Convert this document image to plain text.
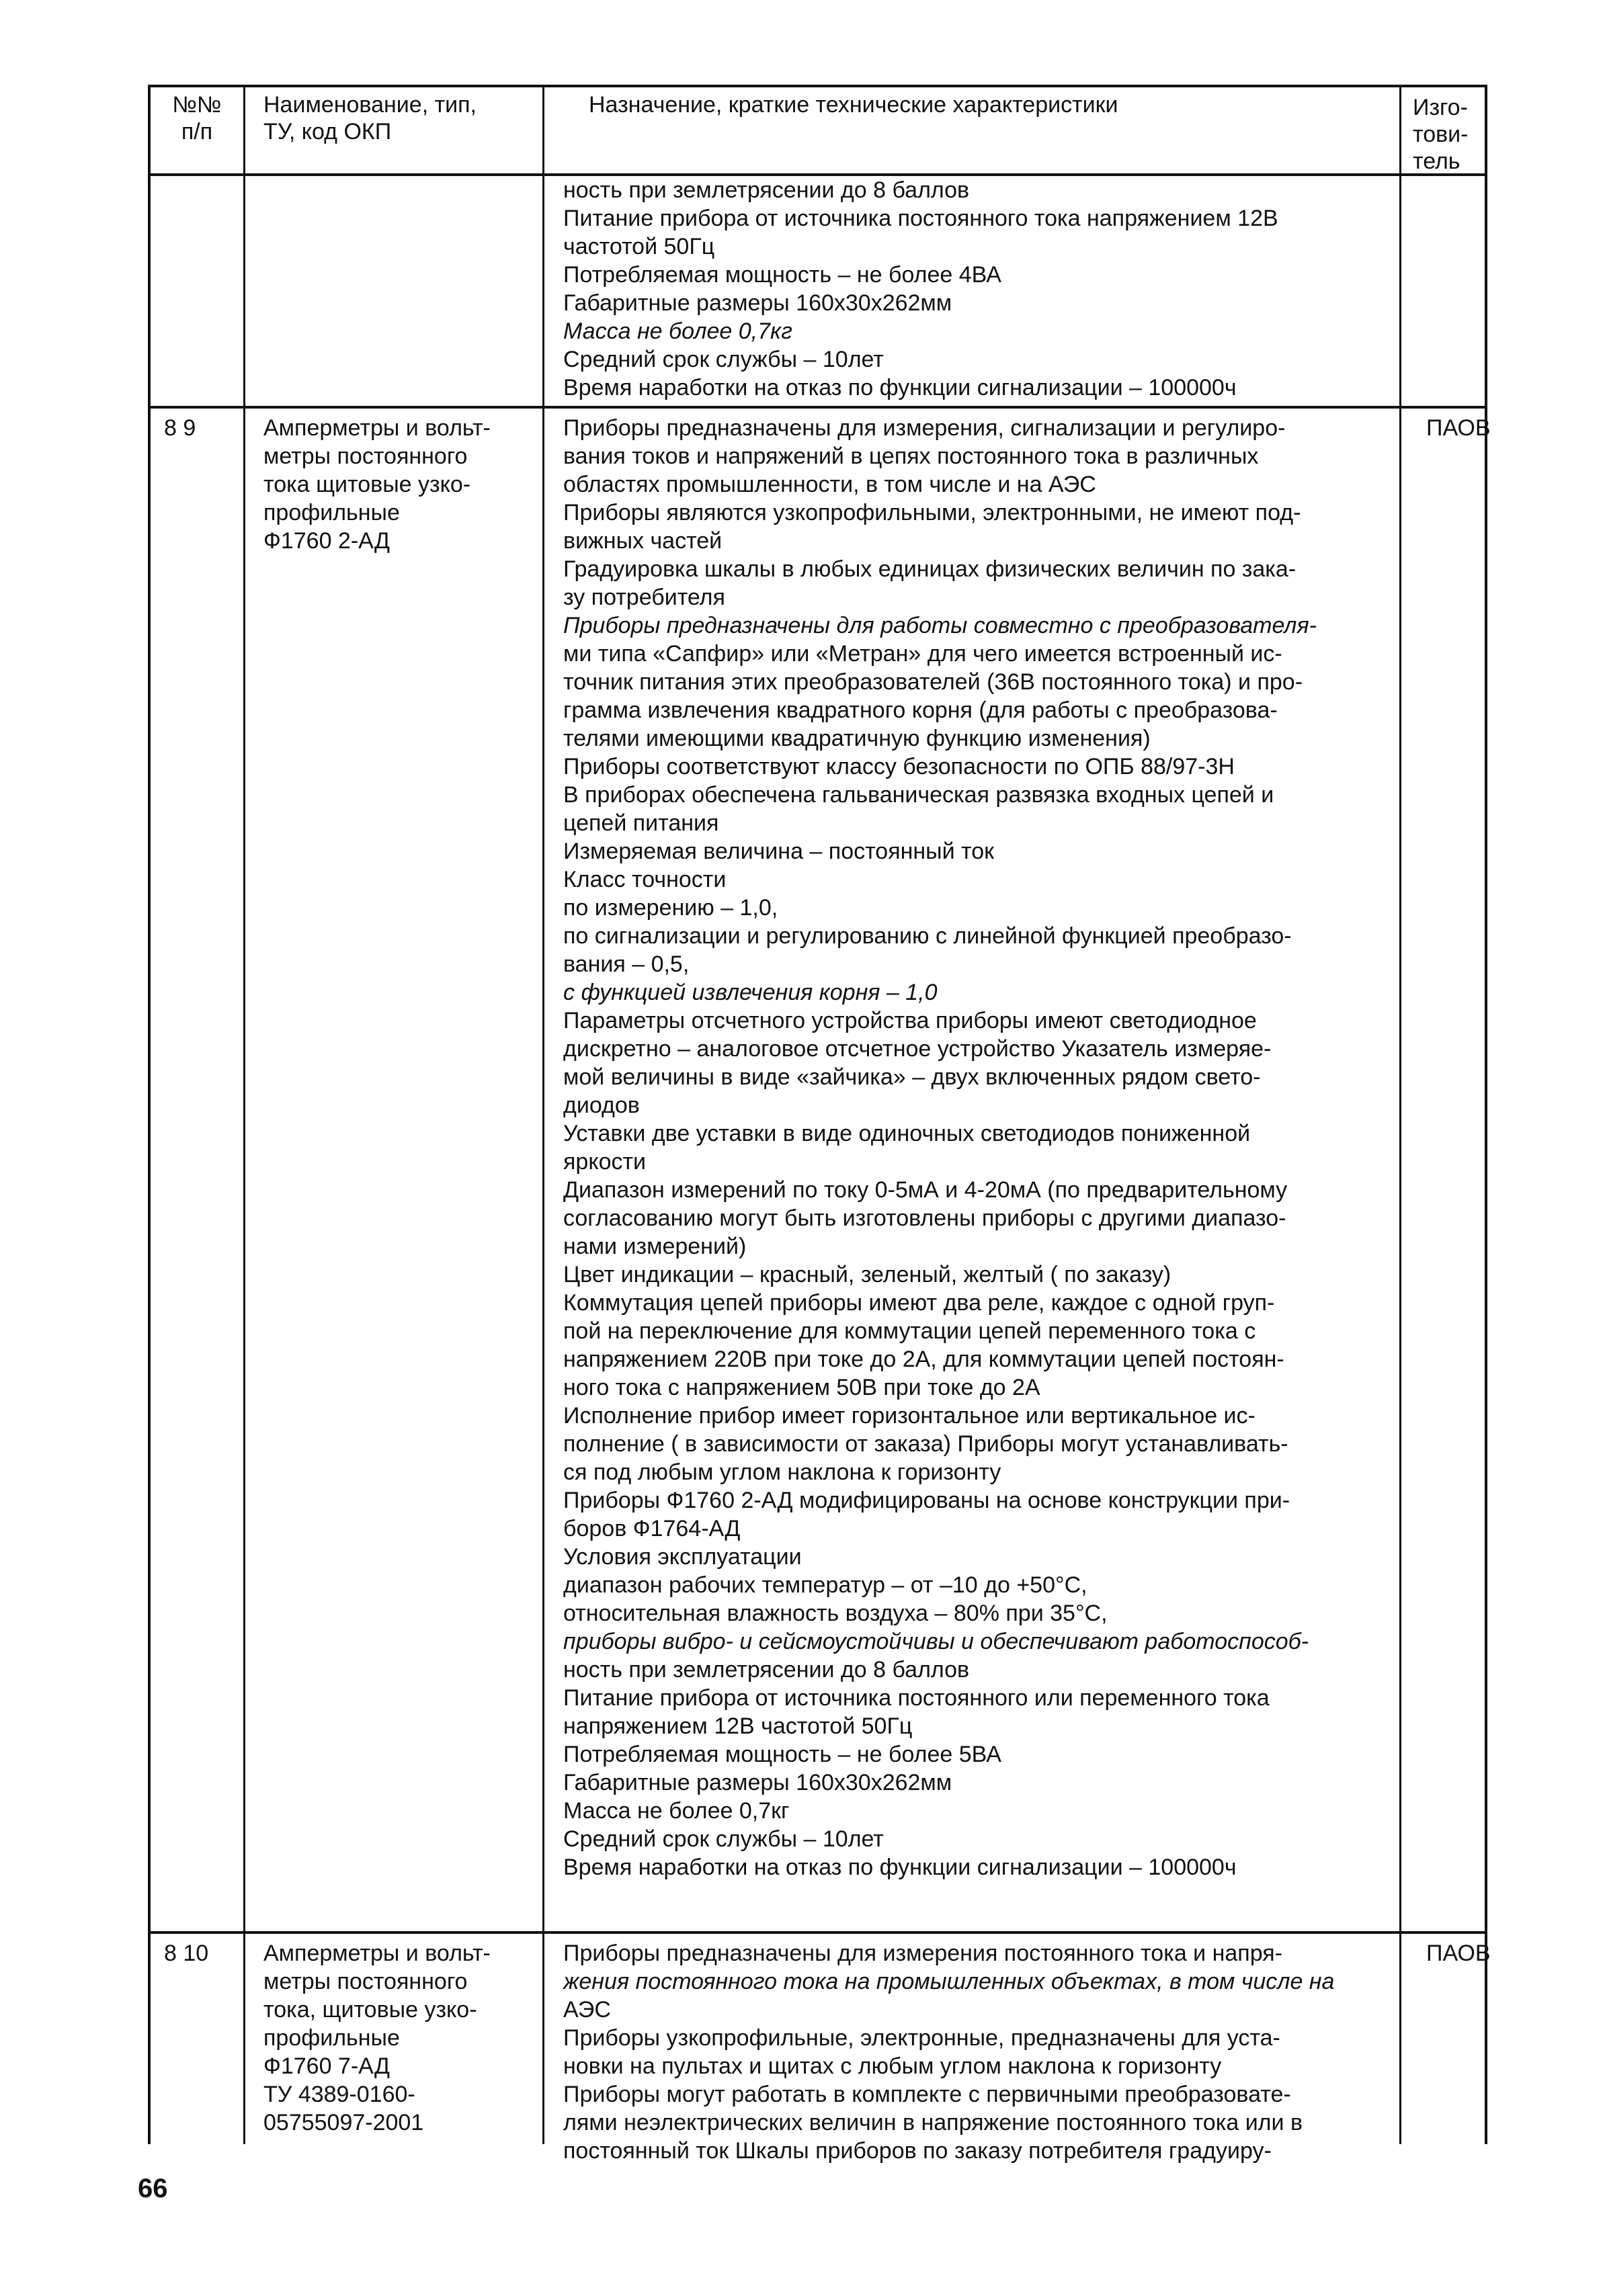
№№

п/п

Наименование, тип,

ТУ, код ОКП

Назначение, краткие технические характеристики	Изго-

тови-

тель

ность при землетрясении до 8 баллов

Питание прибора от источника постоянного тока напряжением 12В

частотой 50Гц

Потребляемая мощность – не более 4ВА

Габаритные размеры 160х30х262мм

Масса не более 0,7кг

Средний срок службы – 10лет

Время наработки на отказ по функции сигнализации – 100000ч

8 9	Амперметры и вольт-

метры постоянного

тока щитовые узко-

профильные

Ф1760 2-АД

Приборы предназначены для измерения, сигнализации и регулиро-

вания токов и напряжений в цепях постоянного тока в различных

областях промышленности, в том числе и на АЭС

Приборы являются узкопрофильными, электронными, не имеют под-

вижных частей

Градуировка шкалы в любых единицах физических величин по зака-

зу потребителя

Приборы предназначены для работы совместно с преобразователя-

ми типа «Сапфир» или «Метран» для чего имеется встроенный ис-

точник питания этих преобразователей (36В постоянного тока) и про-

грамма извлечения квадратного корня (для работы с преобразова-

телями имеющими квадратичную функцию изменения)

Приборы соответствуют классу безопасности по ОПБ 88/97-3Н

В приборах обеспечена гальваническая развязка входных цепей и

цепей питания

Измеряемая величина – постоянный ток

Класс точности

по измерению – 1,0,

по сигнализации и регулированию с линейной функцией преобразо-

вания – 0,5,

с функцией извлечения корня – 1,0

Параметры отсчетного устройства приборы имеют светодиодное

дискретно – аналоговое отсчетное устройство Указатель измеряе-

мой величины в виде «зайчика» – двух включенных рядом свето-

диодов

Уставки две уставки в виде одиночных светодиодов пониженной

яркости

Диапазон измерений по току 0-5мА и 4-20мА (по предварительному

согласованию могут быть изготовлены приборы с другими диапазо-

нами измерений)

Цвет индикации – красный, зеленый, желтый ( по заказу)

Коммутация цепей приборы имеют два реле, каждое с одной груп-

пой на переключение для коммутации цепей переменного тока с

напряжением 220В при токе до 2А, для коммутации цепей постоян-

ного тока с напряжением 50В при токе до 2А

Исполнение прибор имеет горизонтальное или вертикальное ис-

полнение ( в зависимости от заказа) Приборы могут устанавливать-

ся под любым углом наклона к горизонту

Приборы Ф1760 2-АД модифицированы на основе конструкции при-

боров Ф1764-АД

Условия эксплуатации

диапазон рабочих температур – от –10 до +50°С,

относительная влажность воздуха – 80% при 35°С,

приборы вибро- и сейсмоустойчивы и обеспечивают работоспособ-

ность при землетрясении до 8 баллов

Питание прибора от источника постоянного или переменного тока

напряжением 12В частотой 50Гц

Потребляемая мощность – не более 5ВА

Габаритные размеры 160х30х262мм

Масса не более 0,7кг

Средний срок службы – 10лет

Время наработки на отказ по функции сигнализации – 100000ч

ПАОВ
8 10 Амперметры и вольт-

метры постоянного

тока, щитовые узко-

профильные

Ф1760 7-АД

ТУ 4389-0160-

05755097-2001

Приборы предназначены для измерения постоянного тока и напря-

жения постоянного тока на промышленных объектах, в том числе на

АЭС

Приборы узкопрофильные, электронные, предназначены для уста-

новки на пультах и щитах с любым углом наклона к горизонту

Приборы могут работать в комплекте с первичными преобразовате-

лями неэлектрических величин в напряжение постоянного тока или в

постоянный ток Шкалы приборов по заказу потребителя градуиру-

ПАОВ
66
